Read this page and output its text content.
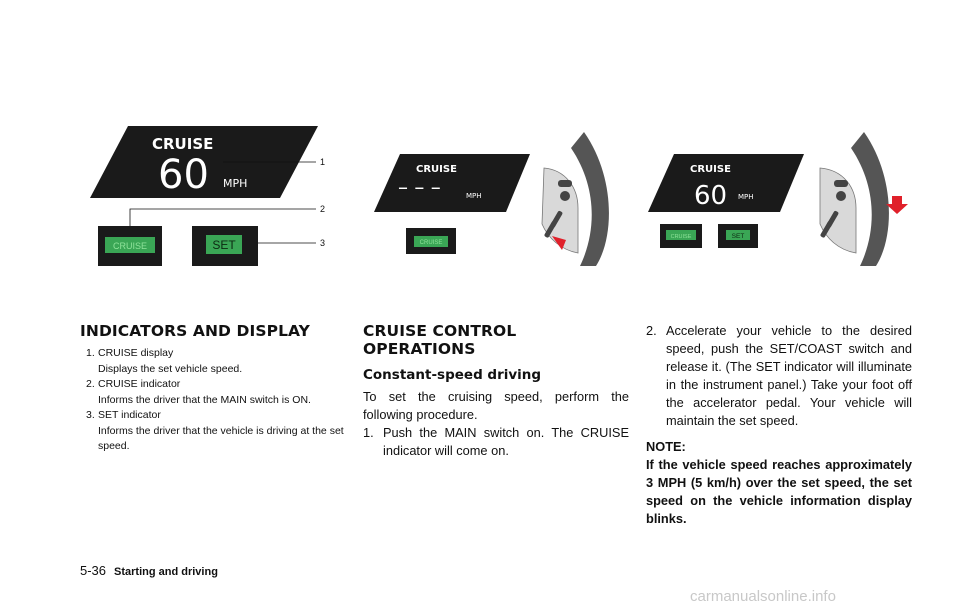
CRUISE
60 MPH
1
2
CRUISE	SET	3
CRUISE
– – –	MPH
CRUISE
CRUISE
60 MPH
CRUISE	SET
INDICATORS AND DISPLAY
1. CRUISE display
Displays the set vehicle speed.
2. CRUISE indicator
Informs the driver that the MAIN switch is ON.
3. SET indicator
Informs the driver that the vehicle is driving at the set speed.
CRUISE CONTROL OPERATIONS
Constant-speed driving

To set the cruising speed, perform the following procedure.

1. Push the MAIN switch on. The CRUISE indicator will come on.
2. Accelerate your vehicle to the desired speed, push the SET/COAST switch and release it. (The SET indicator will illuminate in the instrument panel.) Take your foot off the accelerator pedal. Your vehicle will maintain the set speed.
NOTE:
If the vehicle speed reaches approximately 3 MPH (5 km/h) over the set speed, the set speed on the vehicle information display blinks.
5-36 Starting and driving
carmanualsonline.info
